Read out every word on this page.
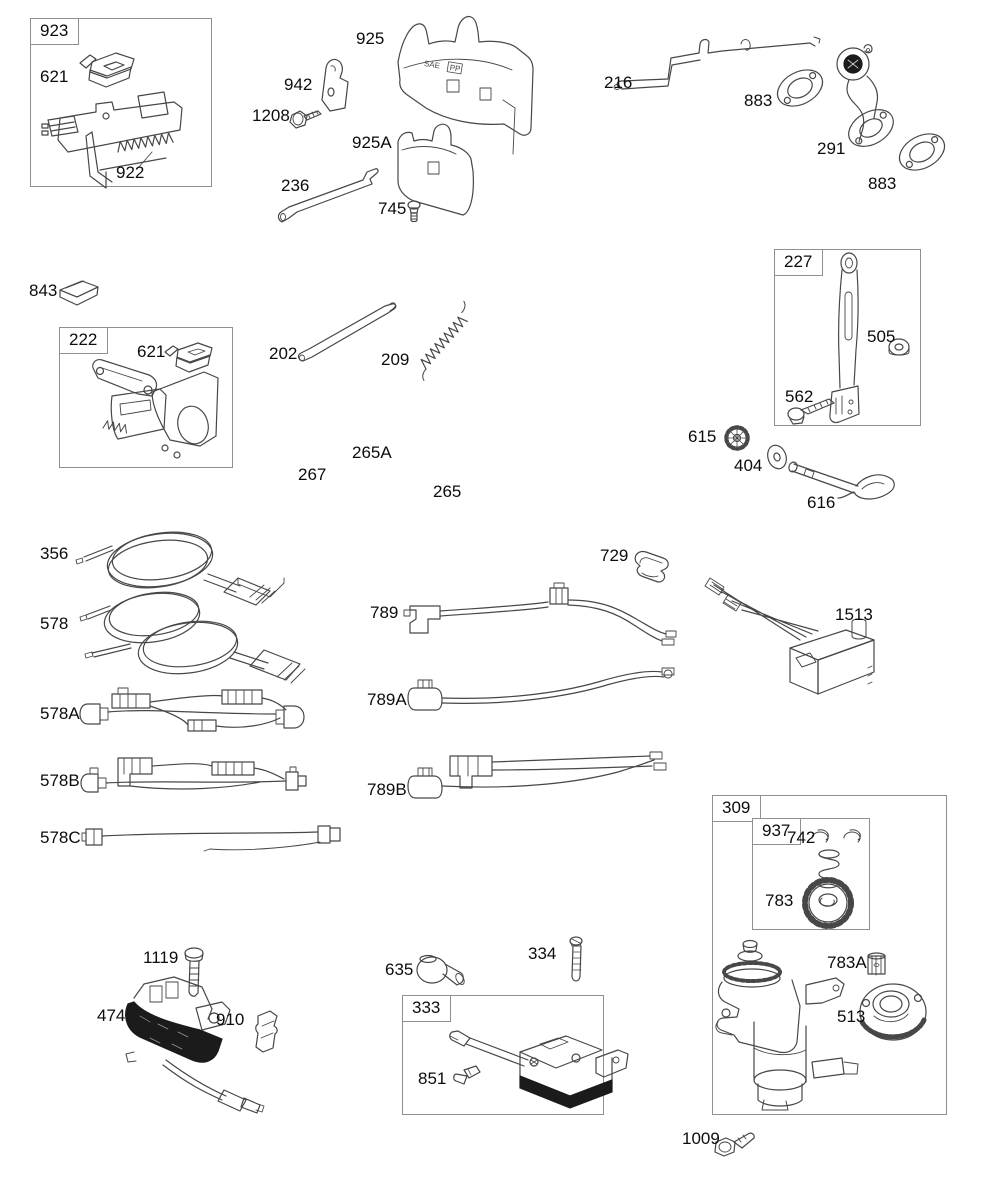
923
222
227
309
937
333
SAE PP
621
922
925
942
1208
925A
236
745
216
883
291
883
505
562
843
621	202	209
265A
267
265
615
404
616
356
578
729
789	1513
789A
578A
578B	789B
578C	742
783
783A
513
1119	334
635
474	910
851
1009
